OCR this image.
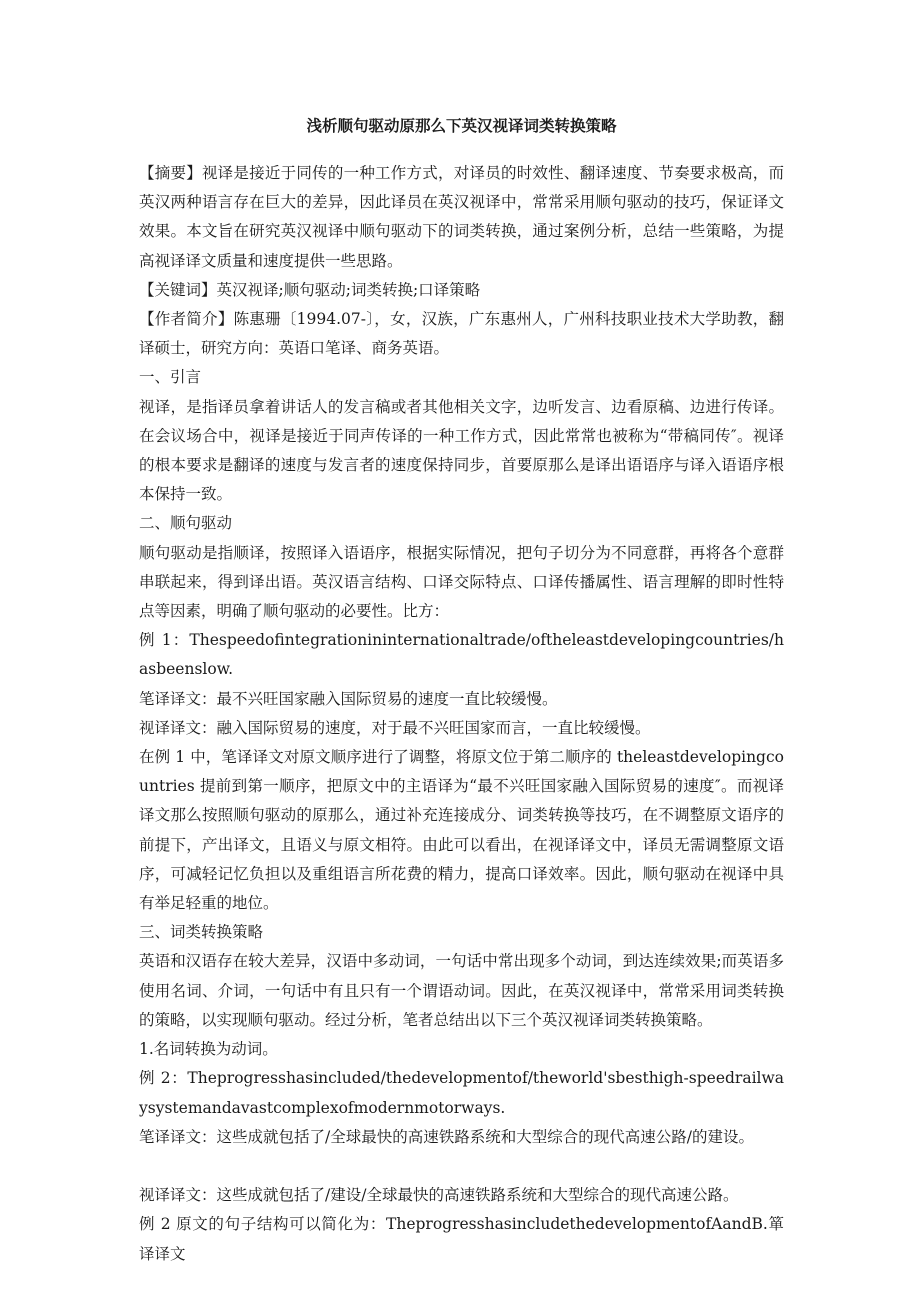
浅析顺句驱动原那么下英汉视译词类转换策略

【摘要】视译是接近于同传的一种工作方式，对译员的时效性、翻译速度、节奏要求极高，而英汉两种语言存在巨大的差异，因此译员在英汉视译中，常常采用顺句驱动的技巧，保证译文效果。本文旨在研究英汉视译中顺句驱动下的词类转换，通过案例分析，总结一些策略，为提高视译译文质量和速度提供一些思路。

【关键词】英汉视译;顺句驱动;词类转换;口译策略

【作者简介】陈惠珊〔1994.07-〕，女，汉族，广东惠州人，广州科技职业技术大学助教，翻译硕士，研究方向：英语口笔译、商务英语。

一、引言

视译，是指译员拿着讲话人的发言稿或者其他相关文字，边听发言、边看原稿、边进行传译。在会议场合中，视译是接近于同声传译的一种工作方式，因此常常也被称为“带稿同传″。视译的根本要求是翻译的速度与发言者的速度保持同步，首要原那么是译出语语序与译入语语序根本保持一致。

二、顺句驱动

顺句驱动是指顺译，按照译入语语序，根据实际情况，把句子切分为不同意群，再将各个意群串联起来，得到译出语。英汉语言结构、口译交际特点、口译传播属性、语言理解的即时性特点等因素，明确了顺句驱动的必要性。比方：

例 1：Thespeedofintegrationininternationaltrade/oftheleastdevelopingcountries/hasbeenslow.

笔译译文：最不兴旺国家融入国际贸易的速度一直比较缓慢。

视译译文：融入国际贸易的速度，对于最不兴旺国家而言，一直比较缓慢。

在例 1 中，笔译译文对原文顺序进行了调整，将原文位于第二顺序的 theleastdevelopingcountries 提前到第一顺序，把原文中的主语译为“最不兴旺国家融入国际贸易的速度″。而视译译文那么按照顺句驱动的原那么，通过补充连接成分、词类转换等技巧，在不调整原文语序的前提下，产出译文，且语义与原文相符。由此可以看出，在视译译文中，译员无需调整原文语序，可减轻记忆负担以及重组语言所花费的精力，提高口译效率。因此，顺句驱动在视译中具有举足轻重的地位。

三、词类转换策略

英语和汉语存在较大差异，汉语中多动词，一句话中常出现多个动词，到达连续效果;而英语多使用名词、介词，一句话中有且只有一个谓语动词。因此，在英汉视译中，常常采用词类转换的策略，以实现顺句驱动。经过分析，笔者总结出以下三个英汉视译词类转换策略。

1.名词转换为动词。

例 2：Theprogresshasincluded/thedevelopmentof/theworld'sbesthigh-speedrailwaysystemandavastcomplexofmodernmotorways.

笔译译文：这些成就包括了/全球最快的高速铁路系统和大型综合的现代高速公路/的建设。

视译译文：这些成就包括了/建设/全球最快的高速铁路系统和大型综合的现代高速公路。

例 2 原文的句子结构可以简化为：TheprogresshasincludethedevelopmentofAandB.箪译译文
